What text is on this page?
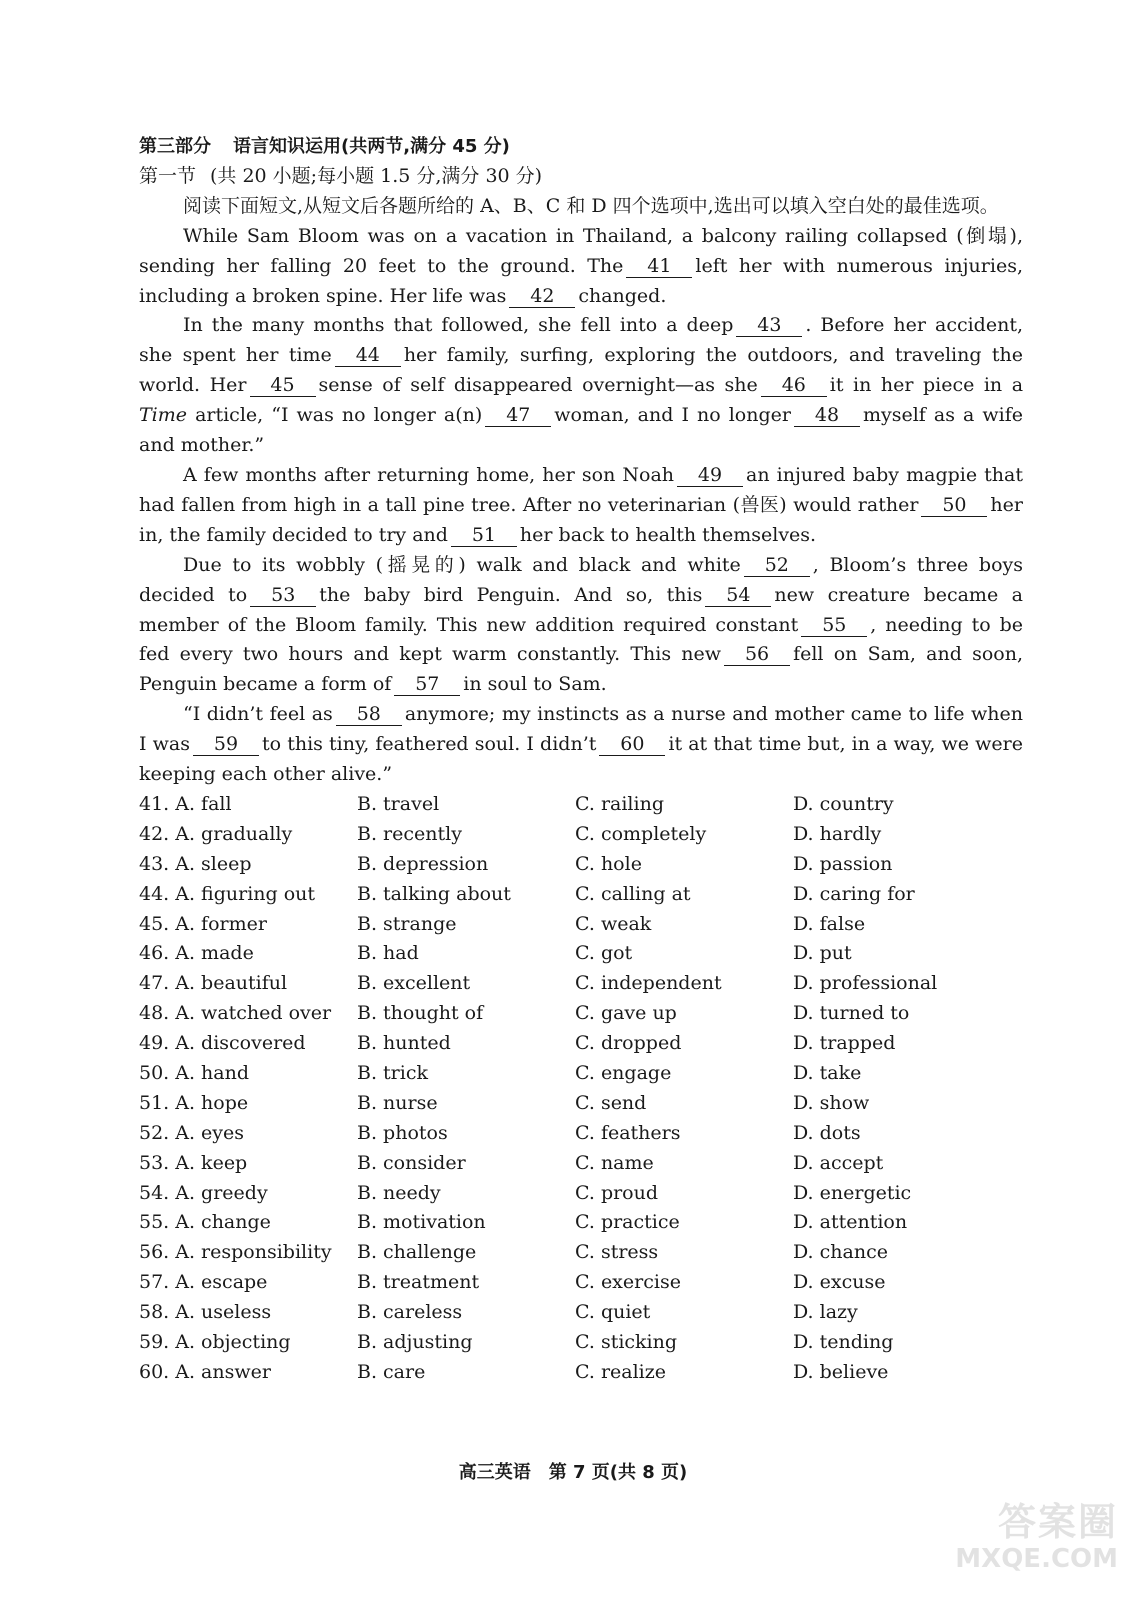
第三部分 语言知识运用(共两节,满分 45 分)

第一节 (共 20 小题;每小题 1.5 分,满分 30 分)

阅读下面短文,从短文后各题所给的 A、B、C 和 D 四个选项中,选出可以填入空白处的最佳选项。

While Sam Bloom was on a vacation in Thailand, a balcony railing collapsed (倒塌), sending her falling 20 feet to the ground. The 41 left her with numerous injuries, including a broken spine. Her life was 42 changed.

In the many months that followed, she fell into a deep 43 . Before her accident, she spent her time 44 her family, surfing, exploring the outdoors, and traveling the world. Her 45 sense of self disappeared overnight—as she 46 it in her piece in a Time article, “I was no longer a(n) 47 woman, and I no longer 48 myself as a wife and mother.”

A few months after returning home, her son Noah 49 an injured baby magpie that had fallen from high in a tall pine tree. After no veterinarian (兽医) would rather 50 her in, the family decided to try and 51 her back to health themselves.

Due to its wobbly (摇晃的) walk and black and white 52 , Bloom’s three boys decided to 53 the baby bird Penguin. And so, this 54 new creature became a member of the Bloom family. This new addition required constant 55 , needing to be fed every two hours and kept warm constantly. This new 56 fell on Sam, and soon, Penguin became a form of 57 in soul to Sam.

“I didn’t feel as 58 anymore; my instincts as a nurse and mother came to life when I was 59 to this tiny, feathered soul. I didn’t 60 it at that time but, in a way, we were keeping each other alive.”

41. A. fall	B. travel	C. railing	D. country
42. A. gradually	B. recently	C. completely	D. hardly
43. A. sleep	B. depression	C. hole	D. passion
44. A. figuring out	B. talking about	C. calling at	D. caring for
45. A. former	B. strange	C. weak	D. false
46. A. made	B. had	C. got	D. put
47. A. beautiful	B. excellent	C. independent	D. professional
48. A. watched over	B. thought of	C. gave up	D. turned to
49. A. discovered	B. hunted	C. dropped	D. trapped
50. A. hand	B. trick	C. engage	D. take
51. A. hope	B. nurse	C. send	D. show
52. A. eyes	B. photos	C. feathers	D. dots
53. A. keep	B. consider	C. name	D. accept
54. A. greedy	B. needy	C. proud	D. energetic
55. A. change	B. motivation	C. practice	D. attention
56. A. responsibility	B. challenge	C. stress	D. chance
57. A. escape	B. treatment	C. exercise	D. excuse
58. A. useless	B. careless	C. quiet	D. lazy
59. A. objecting	B. adjusting	C. sticking	D. tending
60. A. answer	B. care	C. realize	D. believe
高三英语 第 7 页(共 8 页)
答案圈
MXQE.COM
